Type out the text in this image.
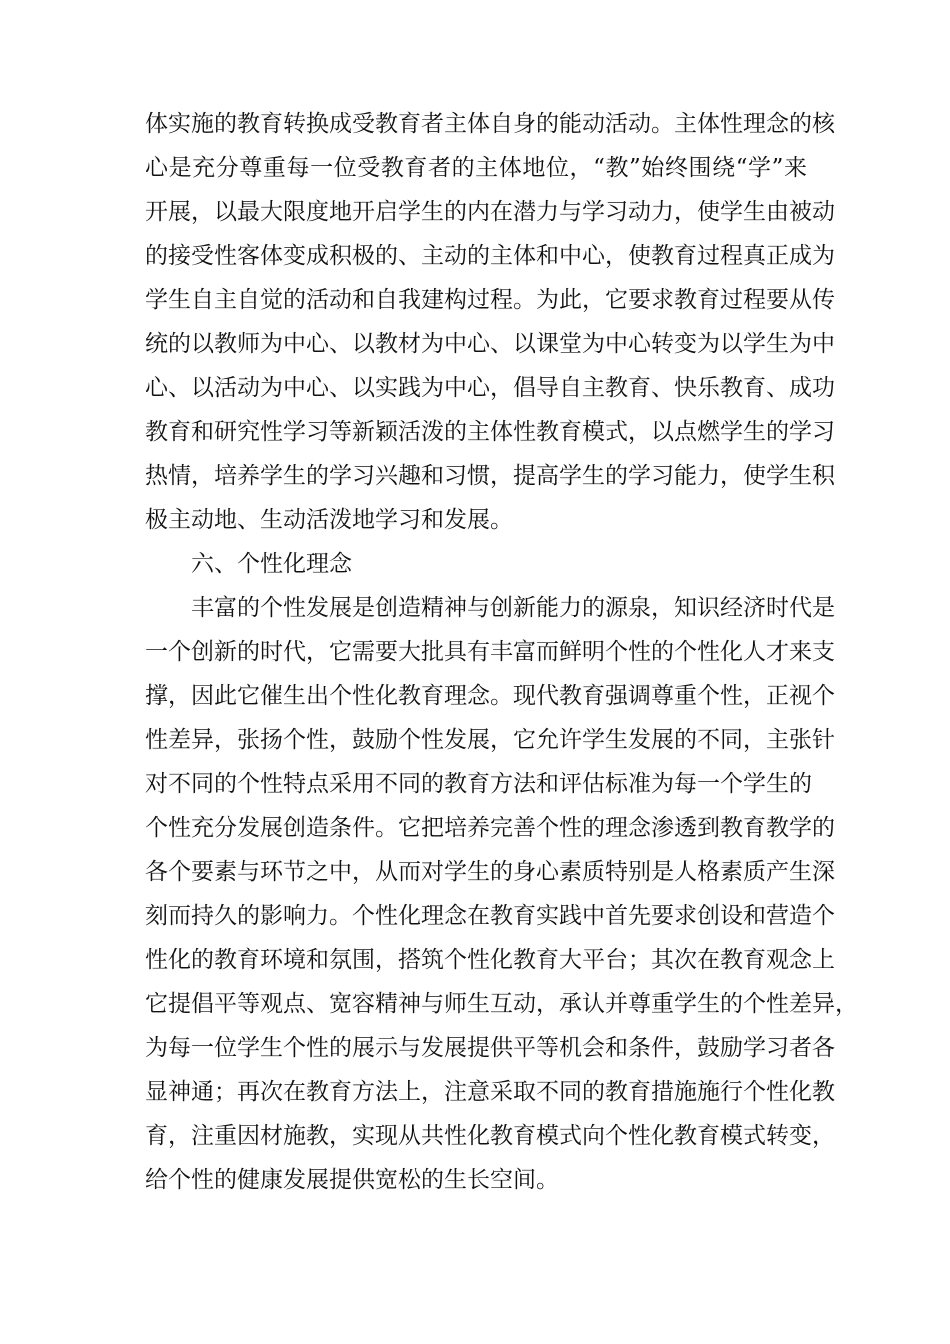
体实施的教育转换成受教育者主体自身的能动活动。主体性理念的核
心是充分尊重每一位受教育者的主体地位，“教”始终围绕“学”来
开展，以最大限度地开启学生的内在潜力与学习动力，使学生由被动
的接受性客体变成积极的、主动的主体和中心，使教育过程真正成为
学生自主自觉的活动和自我建构过程。为此，它要求教育过程要从传
统的以教师为中心、以教材为中心、以课堂为中心转变为以学生为中
心、以活动为中心、以实践为中心，倡导自主教育、快乐教育、成功
教育和研究性学习等新颖活泼的主体性教育模式，以点燃学生的学习
热情，培养学生的学习兴趣和习惯，提高学生的学习能力，使学生积
极主动地、生动活泼地学习和发展。
六、个性化理念
丰富的个性发展是创造精神与创新能力的源泉，知识经济时代是
一个创新的时代，它需要大批具有丰富而鲜明个性的个性化人才来支
撑，因此它催生出个性化教育理念。现代教育强调尊重个性，正视个
性差异，张扬个性，鼓励个性发展，它允许学生发展的不同，主张针
对不同的个性特点采用不同的教育方法和评估标准为每一个学生的
个性充分发展创造条件。它把培养完善个性的理念渗透到教育教学的
各个要素与环节之中，从而对学生的身心素质特别是人格素质产生深
刻而持久的影响力。个性化理念在教育实践中首先要求创设和营造个
性化的教育环境和氛围，搭筑个性化教育大平台；其次在教育观念上
它提倡平等观点、宽容精神与师生互动，承认并尊重学生的个性差异，
为每一位学生个性的展示与发展提供平等机会和条件，鼓励学习者各
显神通；再次在教育方法上，注意采取不同的教育措施施行个性化教
育，注重因材施教，实现从共性化教育模式向个性化教育模式转变，
给个性的健康发展提供宽松的生长空间。
